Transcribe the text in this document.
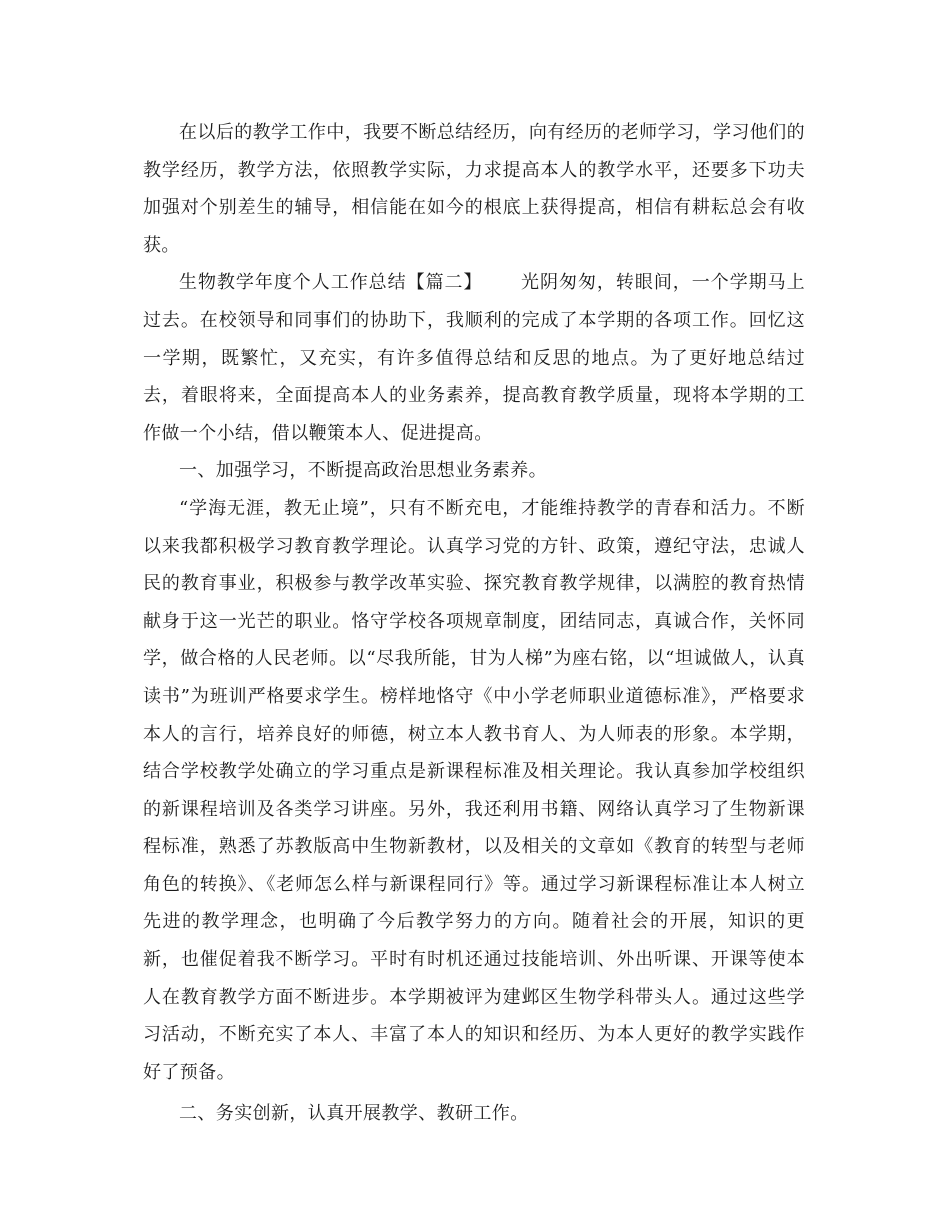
在以后的教学工作中，我要不断总结经历，向有经历的老师学习，学习他们的教学经历，教学方法，依照教学实际，力求提高本人的教学水平，还要多下功夫加强对个别差生的辅导，相信能在如今的根底上获得提高，相信有耕耘总会有收获。

生物教学年度个人工作总结【篇二】 光阴匆匆，转眼间，一个学期马上过去。在校领导和同事们的协助下，我顺利的完成了本学期的各项工作。回忆这一学期，既繁忙，又充实，有许多值得总结和反思的地点。为了更好地总结过去，着眼将来，全面提高本人的业务素养，提高教育教学质量，现将本学期的工作做一个小结，借以鞭策本人、促进提高。

一、加强学习，不断提高政治思想业务素养。

“学海无涯，教无止境”，只有不断充电，才能维持教学的青春和活力。不断以来我都积极学习教育教学理论。认真学习党的方针、政策，遵纪守法，忠诚人民的教育事业，积极参与教学改革实验、探究教育教学规律，以满腔的教育热情献身于这一光芒的职业。恪守学校各项规章制度，团结同志，真诚合作，关怀同学，做合格的人民老师。以“尽我所能，甘为人梯”为座右铭，以“坦诚做人，认真读书”为班训严格要求学生。榜样地恪守《中小学老师职业道德标准》，严格要求本人的言行，培养良好的师德，树立本人教书育人、为人师表的形象。本学期，结合学校教学处确立的学习重点是新课程标准及相关理论。我认真参加学校组织的新课程培训及各类学习讲座。另外，我还利用书籍、网络认真学习了生物新课程标准，熟悉了苏教版高中生物新教材，以及相关的文章如《教育的转型与老师角色的转换》、《老师怎么样与新课程同行》等。通过学习新课程标准让本人树立先进的教学理念，也明确了今后教学努力的方向。随着社会的开展，知识的更新，也催促着我不断学习。平时有时机还通过技能培训、外出听课、开课等使本人在教育教学方面不断进步。本学期被评为建邺区生物学科带头人。通过这些学习活动，不断充实了本人、丰富了本人的知识和经历、为本人更好的教学实践作好了预备。

二、务实创新，认真开展教学、教研工作。
